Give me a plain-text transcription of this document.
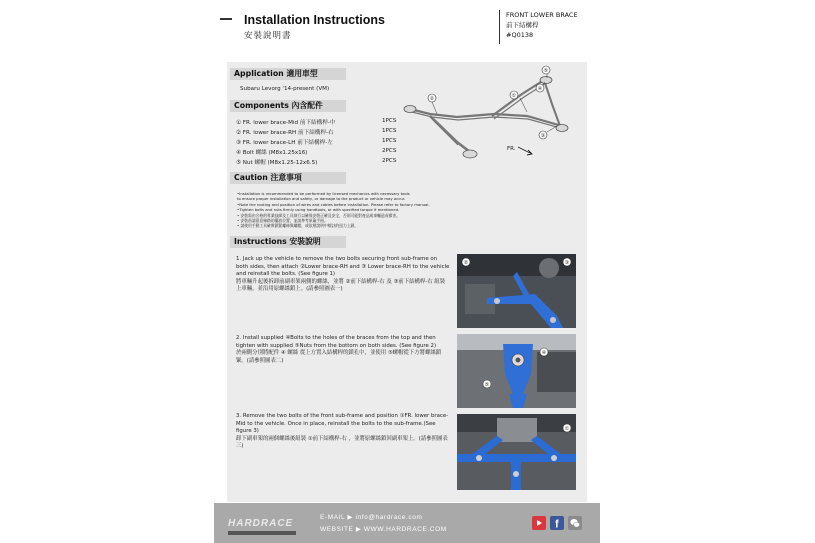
Installation Instructions
安裝說明書
FRONT LOWER BRACE
前下結構桿
#Q0138
Application 適用車型
Subaru Levorg '14-present (VM)
Components 內含配件
① FR. lower brace-Mid 前下結構桿-中	1PCS
② FR. lower brace-RH 前下結構桿-右	1PCS
③ FR. lower brace-LH 前下結構桿-左	1PCS
④ Bolt 螺絲 (M8x1.25x16)	2PCS
⑤ Nut 螺帽 (M8x1.25-12x6.5)	2PCS
⑤
④
①
②
③
FR.
Caution 注意事項
•Installation is recommended to be performed by licensed mechanics with necessary tools
to ensure proper installation and safety, or damage to the product or vehicle may occur.
•Note the routing and position of wires and cables before installation. Please refer to factory manual.
•Tighten bolts and nuts firmly using handtools, or with specified torque if mentioned.
• 安裝需由合格的專業技師及工具執行以確保安裝正確及安全，否則可能對產品或車輛造成損害。
• 安裝前請留意線路的擺放位置，並請參考原廠手冊。
• 請使用手動工具確實鎖緊螺絲與螺帽，或依照說明中標註的扭力上鎖。
Instructions 安裝說明
1. Jack up the vehicle to remove the two bolts securing front sub-frame on both sides, then attach ②Lower brace-RH and ③ Lower brace-RH to the vehicle and reinstall the bolts. (See figure 1)
將車輛升起後拆卸前副車架兩側的螺絲，並將 ②前下結構桿-右 及 ③前下結構桿-右 組裝上車輛，並沿用原螺絲鎖上。(請參照圖表一)
2. Install supplied ④Bolts to the holes of the braces from the top and then tighten with supplied ⑤Nuts from the bottom on both sides. (See figure 2)
於兩側分別將配件 ④ 螺絲 從上方置入結構桿的鎖孔中，並使用 ⑤螺帽從下方將螺絲鎖緊。(請參照圖表二)
3. Remove the two bolts of the front sub-frame and position ①FR. lower brace-Mid to the vehicle. Once in place, reinstall the bolts to the sub-frame.(See figure 3)
卸下副車架的兩個螺絲後組裝 ①前下結構桿-右 ，並將原螺絲鎖回副車架上。(請參照圖表三)
②	③
④
⑤
①
HARDRACE
E-MAIL ▶ info@hardrace.com
WEBSITE ▶ WWW.HARDRACE.COM	f
